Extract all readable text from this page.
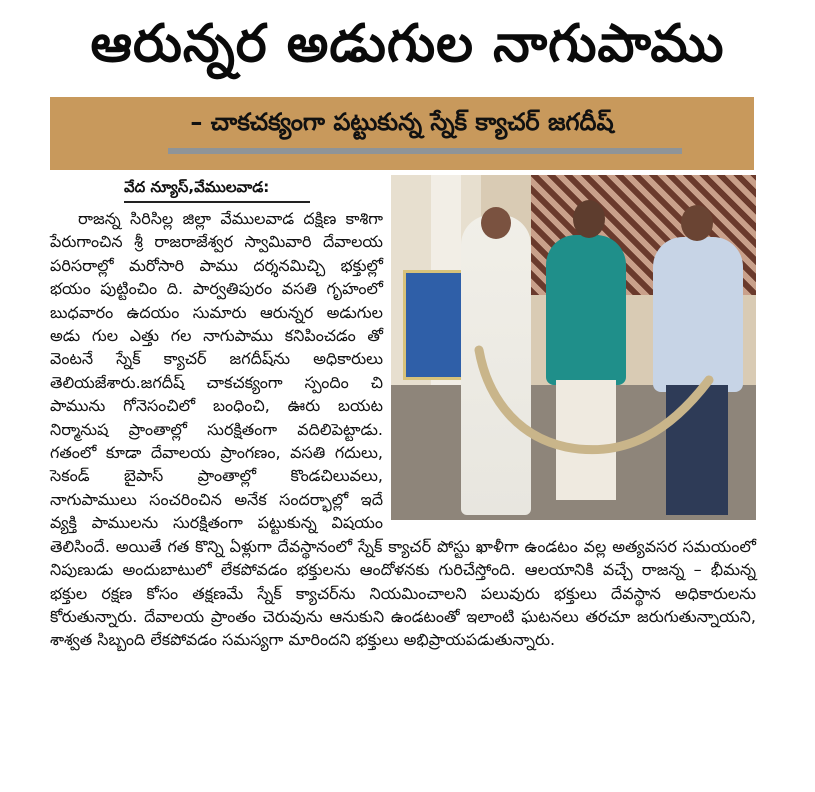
ఆరున్నర అడుగుల నాగుపాము
– చాకచక్యంగా పట్టుకున్న స్నేక్ క్యాచర్ జగదీష్
వేద న్యూస్,వేములవాడ:

రాజన్న సిరిసిల్ల జిల్లా వేములవాడ దక్షిణ కాశిగా పేరుగాంచిన శ్రీ రాజరాజేశ్వర స్వామివారి దేవాలయ పరిసరాల్లో మరోసారి పాము దర్శనమిచ్చి భక్తుల్లో భయం పుట్టించిం ది. పార్వతిపురం వసతి గృహంలో బుధవారం ఉదయం సుమారు ఆరున్నర అడుగుల అడు గుల ఎత్తు గల నాగుపాము కనిపించడం తో వెంటనే స్నేక్ క్యాచర్ జగదీష్‌ను అధికారులు తెలియజేశారు.జగదీష్ చాకచక్యంగా స్పందిం చి పామును గోనెసంచిలో బంధించి, ఊరు బయట నిర్మానుష ప్రాంతాల్లో సురక్షితంగా వదిలిపెట్టాడు. గతంలో కూడా దేవాలయ ప్రాంగణం, వసతి గదులు, సెకండ్ బైపాస్ ప్రాంతాల్లో కొండచిలువలు, నాగుపాములు సంచరించిన అనేక సందర్భాల్లో ఇదే వ్యక్తి పాములను సురక్షితంగా పట్టుకున్న విషయం తెలిసిందే. అయితే గత కొన్ని ఏళ్లుగా దేవస్థానంలో స్నేక్ క్యాచర్ పోస్టు ఖాళీగా ఉండటం వల్ల అత్యవసర సమయంలో నిపుణుడు అందుబాటులో లేకపోవడం భక్తులను ఆందోళనకు గురిచేస్తోంది. ఆలయానికి వచ్చే రాజన్న – భీమన్న భక్తుల రక్షణ కోసం తక్షణమే స్నేక్ క్యాచర్‌ను నియమించాలని పలువురు భక్తులు దేవస్థాన అధికారులను కోరుతున్నారు. దేవాలయ ప్రాంతం చెరువును ఆనుకుని ఉండటంతో ఇలాంటి ఘటనలు తరచూ జరుగుతున్నాయని, శాశ్వత సిబ్బంది లేకపోవడం సమస్యగా మారిందని భక్తులు అభిప్రాయపడుతున్నారు.
